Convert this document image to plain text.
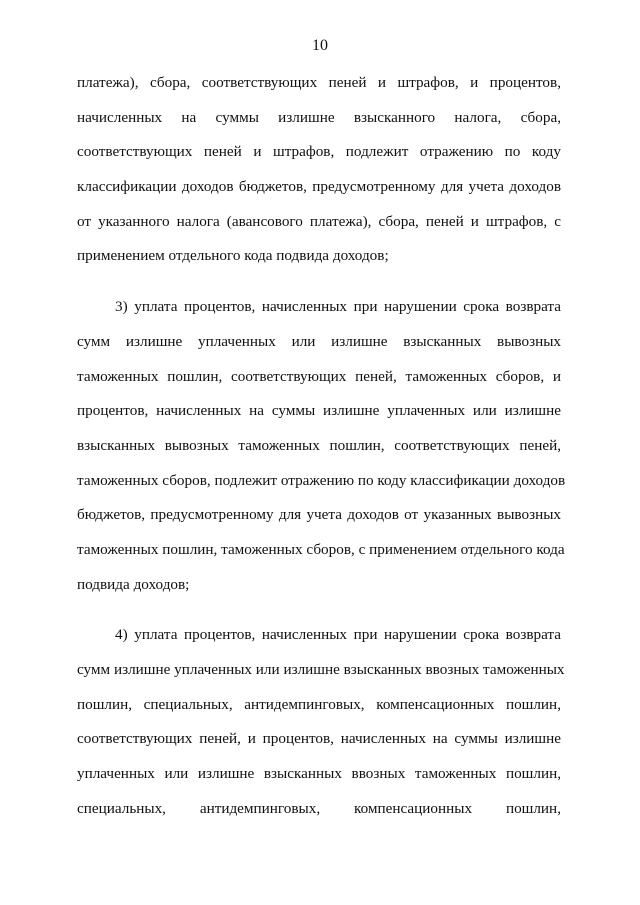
10
платежа), сбора, соответствующих пеней и штрафов, и процентов,
начисленных на суммы излишне взысканного налога, сбора,
соответствующих пеней и штрафов, подлежит отражению по коду
классификации доходов бюджетов, предусмотренному для учета доходов
от указанного налога (авансового платежа), сбора, пеней и штрафов, с
применением отдельного кода подвида доходов;
3) уплата процентов, начисленных при нарушении срока возврата
сумм излишне уплаченных или излишне взысканных вывозных
таможенных пошлин, соответствующих пеней, таможенных сборов, и
процентов, начисленных на суммы излишне уплаченных или излишне
взысканных вывозных таможенных пошлин, соответствующих пеней,
таможенных сборов, подлежит отражению по коду классификации доходов
бюджетов, предусмотренному для учета доходов от указанных вывозных
таможенных пошлин, таможенных сборов, с применением отдельного кода
подвида доходов;
4) уплата процентов, начисленных при нарушении срока возврата
сумм излишне уплаченных или излишне взысканных ввозных таможенных
пошлин, специальных, антидемпинговых, компенсационных пошлин,
соответствующих пеней, и процентов, начисленных на суммы излишне
уплаченных или излишне взысканных ввозных таможенных пошлин,
специальных, антидемпинговых, компенсационных пошлин,
